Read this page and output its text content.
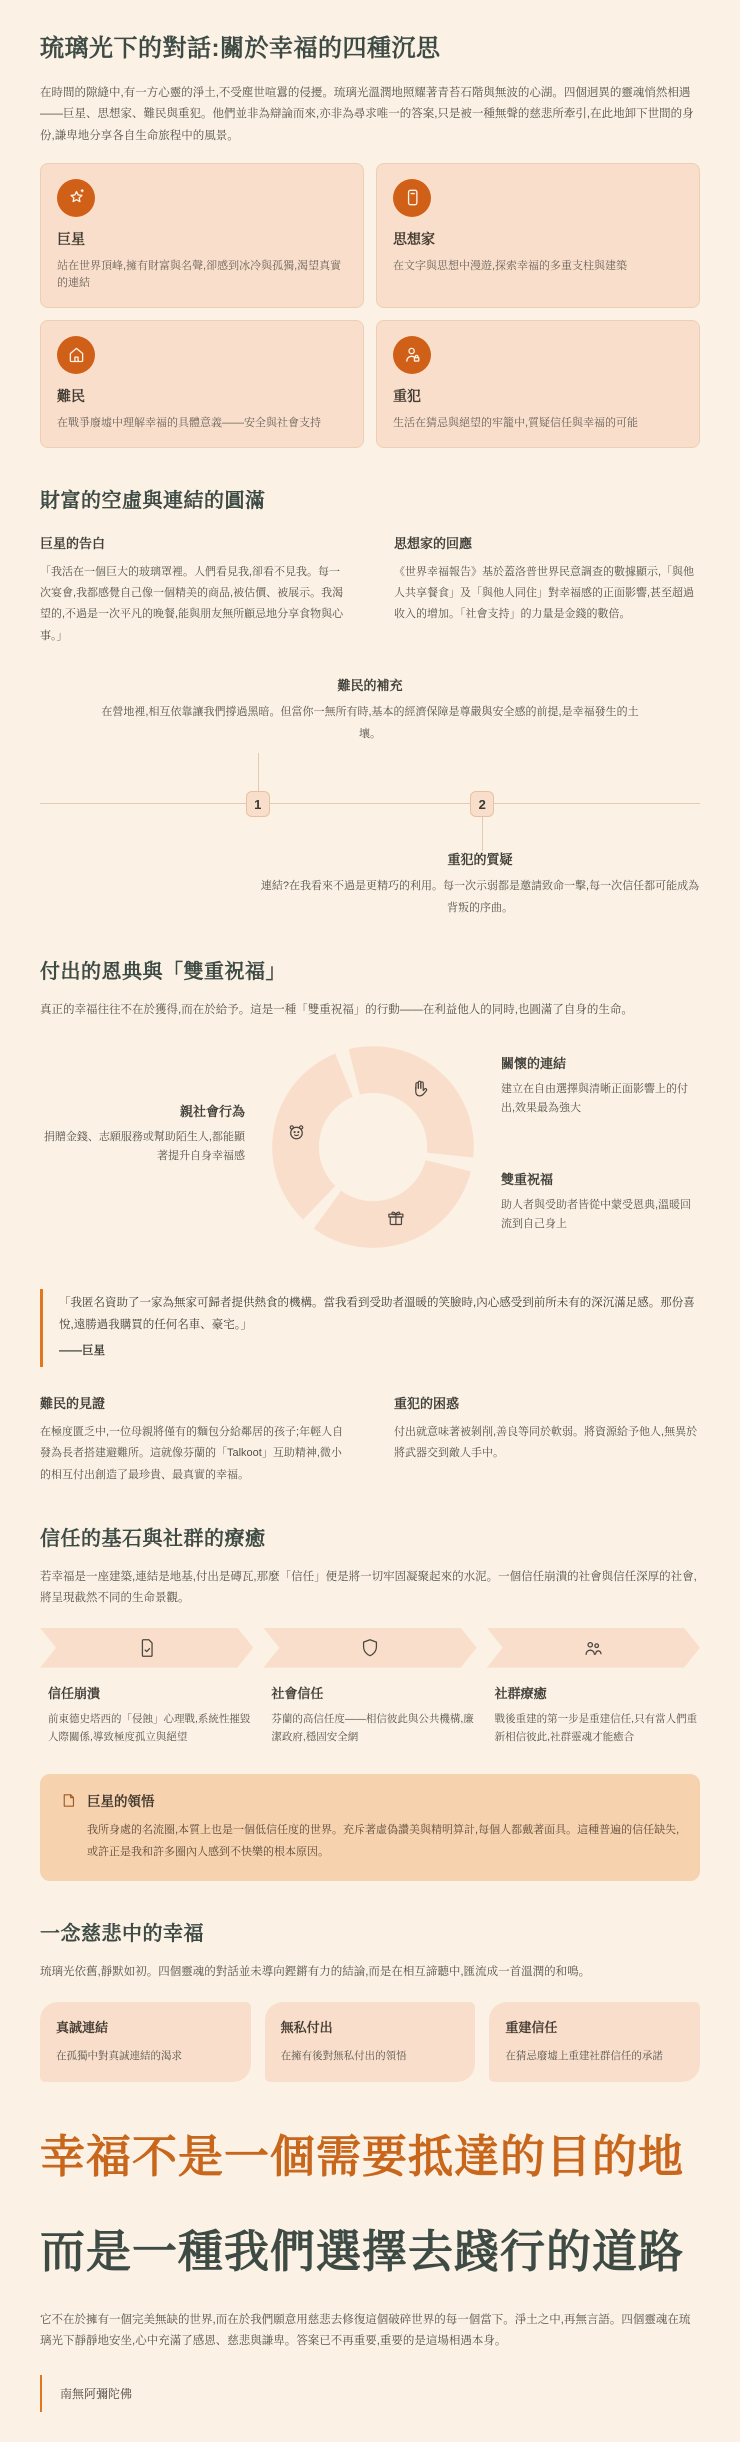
琉璃光下的對話:關於幸福的四種沉思

在時間的隙縫中,有一方心靈的淨土,不受塵世喧囂的侵擾。琉璃光溫潤地照耀著青苔石階與無波的心湖。四個迥異的靈魂悄然相遇——巨星、思想家、難民與重犯。他們並非為辯論而來,亦非為尋求唯一的答案,只是被一種無聲的慈悲所牽引,在此地卸下世間的身份,謙卑地分享各自生命旅程中的風景。

巨星
站在世界頂峰,擁有財富與名聲,卻感到冰冷與孤獨,渴望真實的連結
思想家
在文字與思想中漫遊,探索幸福的多重支柱與建築
難民
在戰爭廢墟中理解幸福的具體意義——安全與社會支持
重犯
生活在猜忌與絕望的牢籠中,質疑信任與幸福的可能
財富的空虛與連結的圓滿
巨星的告白

「我活在一個巨大的玻璃罩裡。人們看見我,卻看不見我。每一次宴會,我都感覺自己像一個精美的商品,被估價、被展示。我渴望的,不過是一次平凡的晚餐,能與朋友無所顧忌地分享食物與心事。」

思想家的回應

《世界幸福報告》基於蓋洛普世界民意調查的數據顯示,「與他人共享餐食」及「與他人同住」對幸福感的正面影響,甚至超過收入的增加。「社會支持」的力量是金錢的數倍。

難民的補充

在營地裡,相互依靠讓我們撐過黑暗。但當你一無所有時,基本的經濟保障是尊嚴與安全感的前提,是幸福發生的土壤。

1	2
重犯的質疑

連結?在我看來不過是更精巧的利用。每一次示弱都是邀請致命一擊,每一次信任都可能成為背叛的序曲。

付出的恩典與「雙重祝福」

真正的幸福往往不在於獲得,而在於給予。這是一種「雙重祝福」的行動——在利益他人的同時,也圓滿了自身的生命。

親社會行為

捐贈金錢、志願服務或幫助陌生人,都能顯著提升自身幸福感

關懷的連結

建立在自由選擇與清晰正面影響上的付出,效果最為強大

雙重祝福

助人者與受助者皆從中蒙受恩典,溫暖回流到自己身上

「我匿名資助了一家為無家可歸者提供熱食的機構。當我看到受助者溫暖的笑臉時,內心感受到前所未有的深沉滿足感。那份喜悅,遠勝過我購買的任何名車、豪宅。」

——巨星

難民的見證

在極度匱乏中,一位母親將僅有的麵包分給鄰居的孩子;年輕人自發為長者搭建避難所。這就像芬蘭的「Talkoot」互助精神,微小的相互付出創造了最珍貴、最真實的幸福。

重犯的困惑

付出就意味著被剝削,善良等同於軟弱。將資源給予他人,無異於將武器交到敵人手中。

信任的基石與社群的療癒

若幸福是一座建築,連結是地基,付出是磚瓦,那麼「信任」便是將一切牢固凝聚起來的水泥。一個信任崩潰的社會與信任深厚的社會,將呈現截然不同的生命景觀。

信任崩潰

前東德史塔西的「侵蝕」心理戰,系統性摧毀人際關係,導致極度孤立與絕望

社會信任

芬蘭的高信任度——相信彼此與公共機構,廉潔政府,穩固安全網

社群療癒

戰後重建的第一步是重建信任,只有當人們重新相信彼此,社群靈魂才能癒合

巨星的領悟

我所身處的名流圈,本質上也是一個低信任度的世界。充斥著虛偽讚美與精明算計,每個人都戴著面具。這種普遍的信任缺失,或許正是我和許多圈內人感到不快樂的根本原因。

一念慈悲中的幸福

琉璃光依舊,靜默如初。四個靈魂的對話並未導向鏗鏘有力的結論,而是在相互諦聽中,匯流成一首溫潤的和鳴。

真誠連結

在孤獨中對真誠連結的渴求

無私付出

在擁有後對無私付出的領悟

重建信任

在猜忌廢墟上重建社群信任的承諾

幸福不是一個需要抵達的目的地
而是一種我們選擇去踐行的道路

它不在於擁有一個完美無缺的世界,而在於我們願意用慈悲去修復這個破碎世界的每一個當下。淨土之中,再無言語。四個靈魂在琉璃光下靜靜地安坐,心中充滿了感恩、慈悲與謙卑。答案已不再重要,重要的是這場相遇本身。

南無阿彌陀佛
